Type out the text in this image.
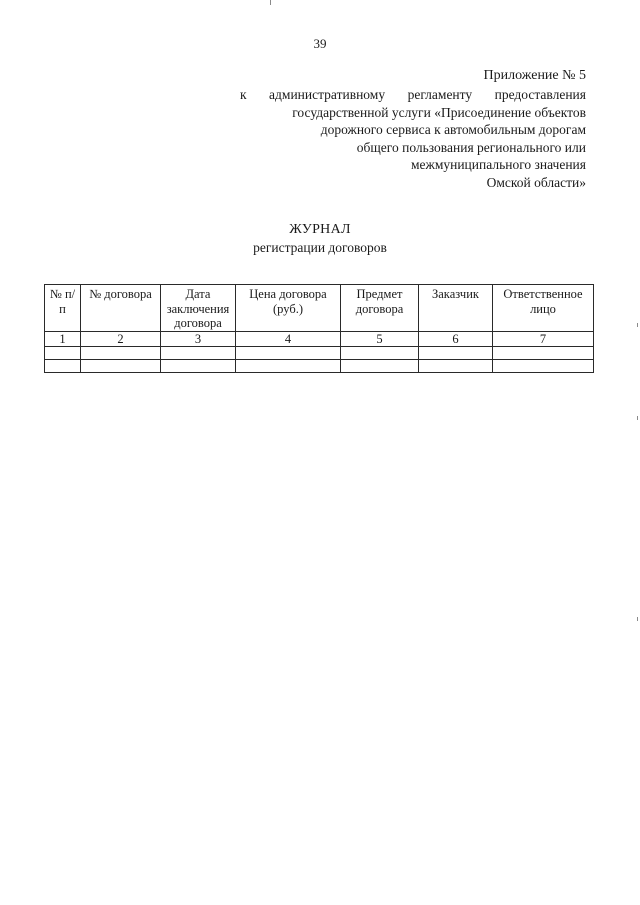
39
Приложение № 5
к административному регламенту предоставления
государственной услуги «Присоединение объектов
дорожного сервиса к автомобильным дорогам
общего пользования регионального или
межмуниципального значения
Омской области»
ЖУРНАЛ
регистрации договоров
№ п/п	№ договора	Дата заключения договора	Цена договора (руб.)	Предмет договора	Заказчик	Ответственное лицо
1	2	3	4	5	6	7
